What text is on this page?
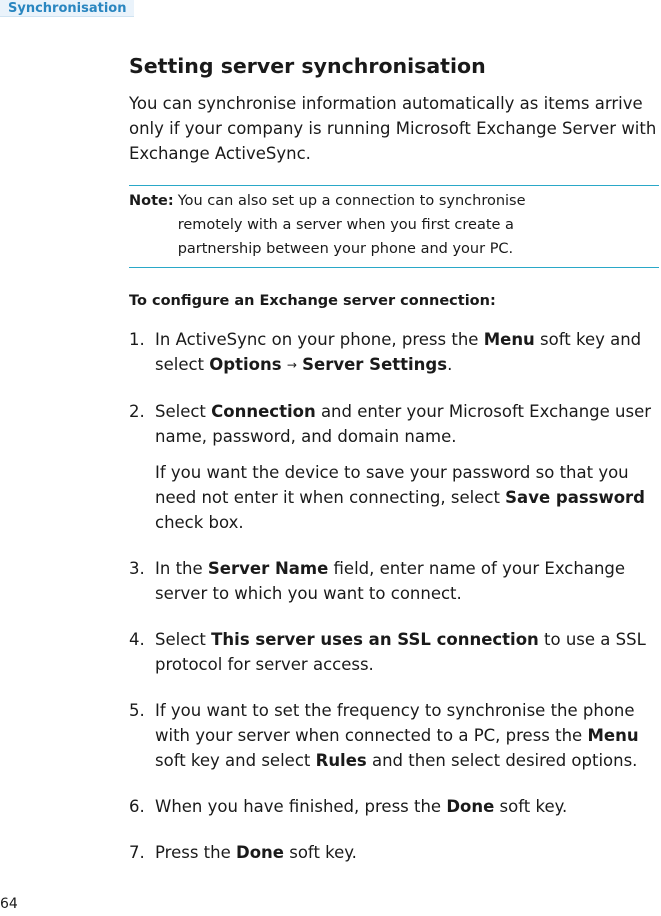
Synchronisation
Setting server synchronisation

You can synchronise information automatically as items arrive only if your company is running Microsoft Exchange Server with Exchange ActiveSync.

Note: You can also set up a connection to synchronise remotely with a server when you first create a partnership between your phone and your PC.
To configure an Exchange server connection:
1. In ActiveSync on your phone, press the Menu soft key and select Options → Server Settings.
2. Select Connection and enter your Microsoft Exchange user name, password, and domain name.
If you want the device to save your password so that you need not enter it when connecting, select Save password check box.
3. In the Server Name field, enter name of your Exchange server to which you want to connect.
4. Select This server uses an SSL connection to use a SSL protocol for server access.
5. If you want to set the frequency to synchronise the phone with your server when connected to a PC, press the Menu soft key and select Rules and then select desired options.
6. When you have finished, press the Done soft key.
7. Press the Done soft key.
64
